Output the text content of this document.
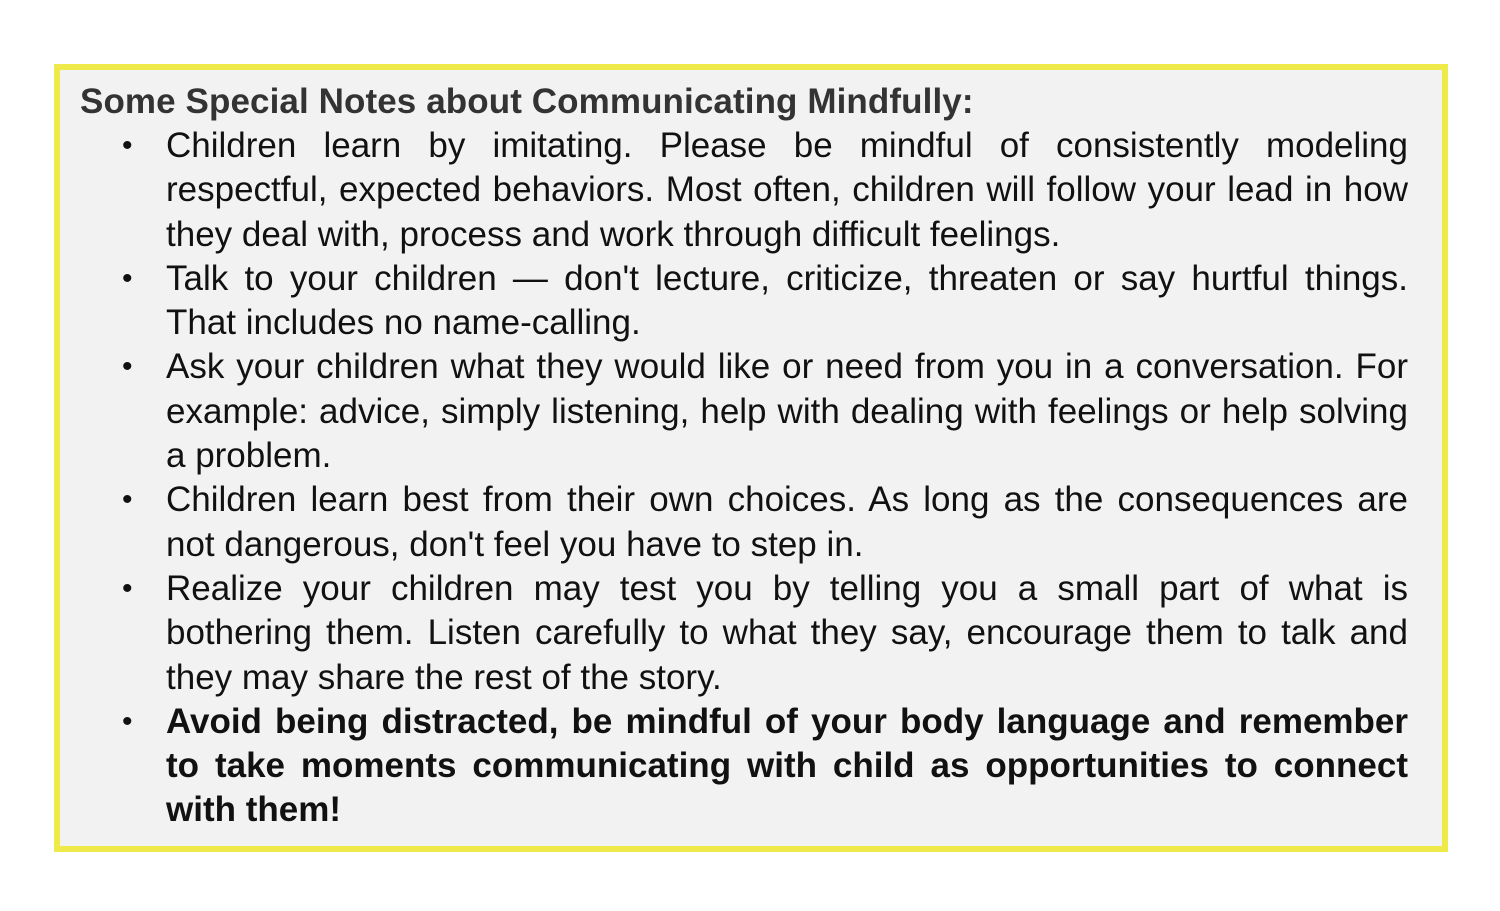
Some Special Notes about Communicating Mindfully:
• Children learn by imitating. Please be mindful of consistently modeling respectful, expected behaviors. Most often, children will follow your lead in how they deal with, process and work through difficult feelings.
• Talk to your children — don't lecture, criticize, threaten or say hurtful things. That includes no name-calling.
• Ask your children what they would like or need from you in a conversation. For example: advice, simply listening, help with dealing with feelings or help solving a problem.
• Children learn best from their own choices. As long as the consequences are not dangerous, don't feel you have to step in.
• Realize your children may test you by telling you a small part of what is bothering them. Listen carefully to what they say, encourage them to talk and they may share the rest of the story.
• Avoid being distracted, be mindful of your body language and remember to take moments communicating with child as opportunities to connect with them!
